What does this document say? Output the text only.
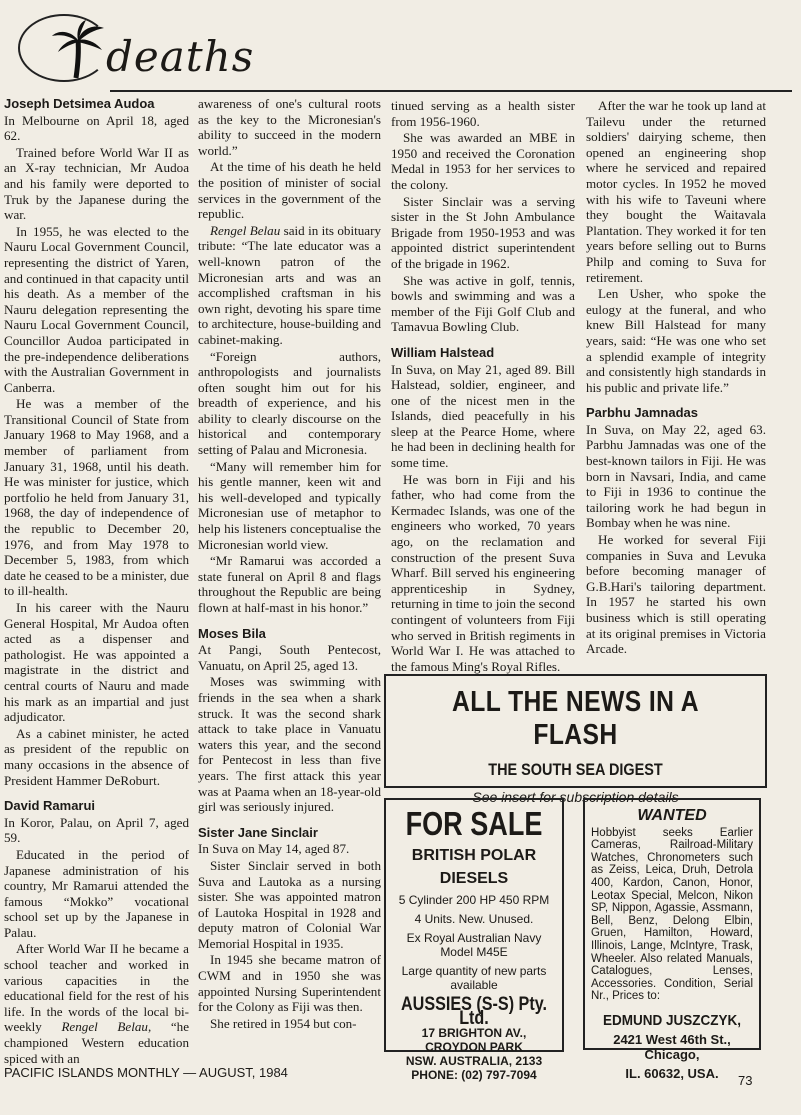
deaths
Joseph Detsimea Audoa

In Melbourne on April 18, aged 62.

Trained before World War II as an X-ray technician, Mr Audoa and his family were deported to Truk by the Japanese during the war.

In 1955, he was elected to the Nauru Local Government Council, representing the district of Yaren, and continued in that capacity until his death. As a member of the Nauru delegation representing the Nauru Local Government Council, Councillor Audoa participated in the pre-independence deliberations with the Australian Government in Canberra.

He was a member of the Transitional Council of State from January 1968 to May 1968, and a member of parliament from January 31, 1968, until his death. He was minister for justice, which portfolio he held from January 31, 1968, the day of independence of the republic to December 20, 1976, and from May 1978 to December 5, 1983, from which date he ceased to be a minister, due to ill-health.

In his career with the Nauru General Hospital, Mr Audoa often acted as a dispenser and pathologist. He was appointed a magistrate in the district and central courts of Nauru and made his mark as an impartial and just adjudicator.

As a cabinet minister, he acted as president of the republic on many occasions in the absence of President Hammer DeRoburt.

David Ramarui

In Koror, Palau, on April 7, aged 59.

Educated in the period of Japanese administration of his country, Mr Ramarui attended the famous “Mokko” vocational school set up by the Japanese in Palau.

After World War II he became a school teacher and worked in various capacities in the educational field for the rest of his life. In the words of the local bi-weekly Rengel Belau, “he championed Western education spiced with an

awareness of one's cultural roots as the key to the Micronesian's ability to succeed in the modern world.”

At the time of his death he held the position of minister of social services in the government of the republic.

Rengel Belau said in its obituary tribute: “The late educator was a well-known patron of the Micronesian arts and was an accomplished craftsman in his own right, devoting his spare time to architecture, house-building and cabinet-making.

“Foreign authors, anthropologists and journalists often sought him out for his breadth of experience, and his ability to clearly discourse on the historical and contemporary setting of Palau and Micronesia.

“Many will remember him for his gentle manner, keen wit and his well-developed and typically Micronesian use of metaphor to help his listeners conceptualise the Micronesian world view.

“Mr Ramarui was accorded a state funeral on April 8 and flags throughout the Republic are being flown at half-mast in his honor.”

Moses Bila

At Pangi, South Pentecost, Vanuatu, on April 25, aged 13.

Moses was swimming with friends in the sea when a shark struck. It was the second shark attack to take place in Vanuatu waters this year, and the second for Pentecost in less than five years. The first attack this year was at Paama when an 18-year-old girl was seriously injured.

Sister Jane Sinclair

In Suva on May 14, aged 87.

Sister Sinclair served in both Suva and Lautoka as a nursing sister. She was appointed matron of Lautoka Hospital in 1928 and deputy matron of Colonial War Memorial Hospital in 1935.

In 1945 she became matron of CWM and in 1950 she was appointed Nursing Superintendent for the Colony as Fiji was then.

She retired in 1954 but con-

tinued serving as a health sister from 1956-1960.

She was awarded an MBE in 1950 and received the Coronation Medal in 1953 for her services to the colony.

Sister Sinclair was a serving sister in the St John Ambulance Brigade from 1950-1953 and was appointed district superintendent of the brigade in 1962.

She was active in golf, tennis, bowls and swimming and was a member of the Fiji Golf Club and Tamavua Bowling Club.

William Halstead

In Suva, on May 21, aged 89. Bill Halstead, soldier, engineer, and one of the nicest men in the Islands, died peacefully in his sleep at the Pearce Home, where he had been in declining health for some time.

He was born in Fiji and his father, who had come from the Kermadec Islands, was one of the engineers who worked, 70 years ago, on the reclamation and construction of the present Suva Wharf. Bill served his engineering apprenticeship in Sydney, returning in time to join the second contingent of volunteers from Fiji who served in British regiments in World War I. He was attached to the famous Ming's Royal Rifles.

After the war he took up land at Tailevu under the returned soldiers' dairying scheme, then opened an engineering shop where he serviced and repaired motor cycles. In 1952 he moved with his wife to Taveuni where they bought the Waitavala Plantation. They worked it for ten years before selling out to Burns Philp and coming to Suva for retirement.

Len Usher, who spoke the eulogy at the funeral, and who knew Bill Halstead for many years, said: “He was one who set a splendid example of integrity and consistently high standards in his public and private life.”

Parbhu Jamnadas

In Suva, on May 22, aged 63. Parbhu Jamnadas was one of the best-known tailors in Fiji. He was born in Navsari, India, and came to Fiji in 1936 to continue the tailoring work he had begun in Bombay when he was nine.

He worked for several Fiji companies in Suva and Levuka before becoming manager of G.B.Hari's tailoring department. In 1957 he started his own business which is still operating at its original premises in Victoria Arcade.

ALL THE NEWS IN A FLASH
THE SOUTH SEA DIGEST
See insert for subscription details
FOR SALE
BRITISH POLAR
DIESELS
5 Cylinder 200 HP 450 RPM
4 Units. New. Unused.
Ex Royal Australian Navy
Model M45E
Large quantity of new parts
available
AUSSIES (S-S) Pty. Ltd.
17 BRIGHTON AV.,
CROYDON PARK
NSW. AUSTRALIA, 2133
PHONE: (02) 797-7094
WANTED
Hobbyist seeks Earlier Cameras, Railroad-Military Watches, Chronometers such as Zeiss, Leica, Druh, Detrola 400, Kardon, Canon, Honor, Leotax Special, Melcon, Nikon SP, Nippon, Agassie, Assmann, Bell, Benz, Delong Elbin, Gruen, Hamilton, Howard, Illinois, Lange, McIntyre, Trask, Wheeler. Also related Manuals, Catalogues, Lenses, Accessories. Condition, Serial Nr., Prices to:
EDMUND JUSZCZYK,
2421 West 46th St., Chicago,
IL. 60632, USA.
PACIFIC ISLANDS MONTHLY — AUGUST, 1984
73
